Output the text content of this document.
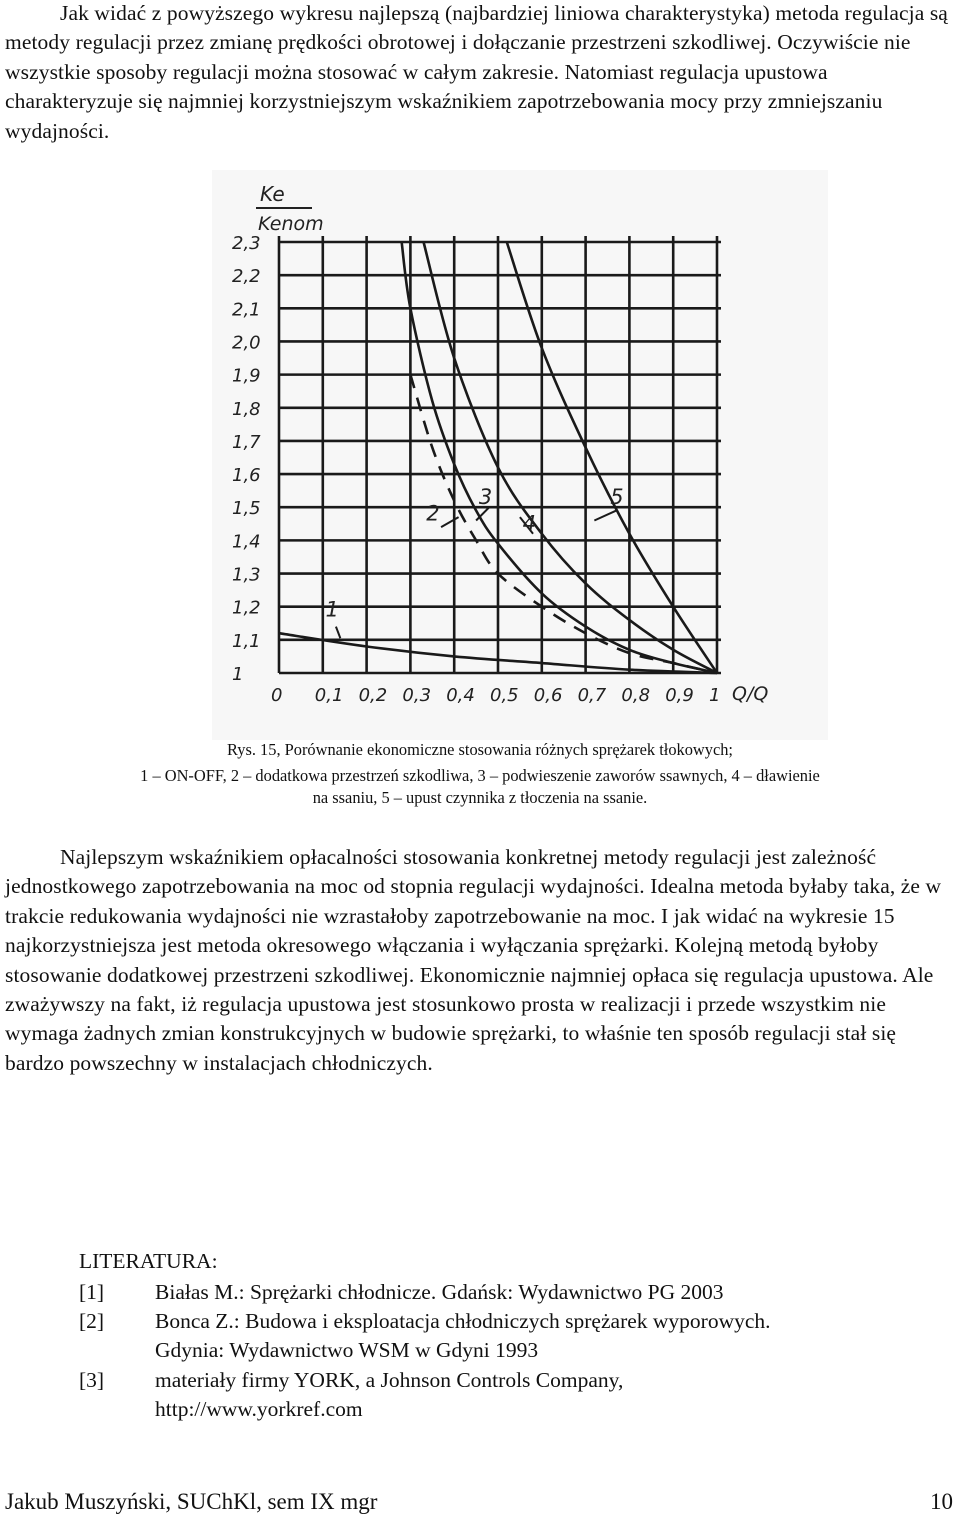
Jak widać z powyższego wykresu najlepszą (najbardziej liniowa charakterystyka) metoda regulacja są metody regulacji przez zmianę prędkości obrotowej i dołączanie przestrzeni szkodliwej. Oczywiście nie wszystkie sposoby regulacji można stosować w całym zakresie. Natomiast regulacja upustowa charakteryzuje się najmniej korzystniejszym wskaźnikiem zapotrzebowania mocy przy zmniejszaniu wydajności.

2,3
2,2
2,1
2,0
1,9
1,8
1,7
1,6
1,5
1,4
1,3
1,2
1,1
1
0 0,1 0,2 0,3 0,4 0,5 0,6 0,7 0,8 0,9 1
1
2
3
4
5
Ke
Kenom
Q/Q

Rys. 15, Porównanie ekonomiczne stosowania różnych sprężarek tłokowych;

1 – ON-OFF, 2 – dodatkowa przestrzeń szkodliwa, 3 – podwieszenie zaworów ssawnych, 4 – dławienie

na ssaniu, 5 – upust czynnika z tłoczenia na ssanie.

Najlepszym wskaźnikiem opłacalności stosowania konkretnej metody regulacji jest zależność jednostkowego zapotrzebowania na moc od stopnia regulacji wydajności. Idealna metoda byłaby taka, że w trakcie redukowania wydajności nie wzrastałoby zapotrzebowanie na moc. I jak widać na wykresie 15 najkorzystniejsza jest metoda okresowego włączania i wyłączania sprężarki. Kolejną metodą byłoby stosowanie dodatkowej przestrzeni szkodliwej. Ekonomicznie najmniej opłaca się regulacja upustowa. Ale zważywszy na fakt, iż regulacja upustowa jest stosunkowo prosta w realizacji i przede wszystkim nie wymaga żadnych zmian konstrukcyjnych w budowie sprężarki, to właśnie ten sposób regulacji stał się bardzo powszechny w instalacjach chłodniczych.

LITERATURA:

[1] Białas M.: Sprężarki chłodnicze. Gdańsk: Wydawnictwo PG 2003

[2] Bonca Z.: Budowa i eksploatacja chłodniczych sprężarek wyporowych.
Gdynia: Wydawnictwo WSM w Gdyni 1993

[3] materiały firmy YORK, a Johnson Controls Company,
http://www.yorkref.com

Jakub Muszyński, SUChKl, sem IX mgr	10
